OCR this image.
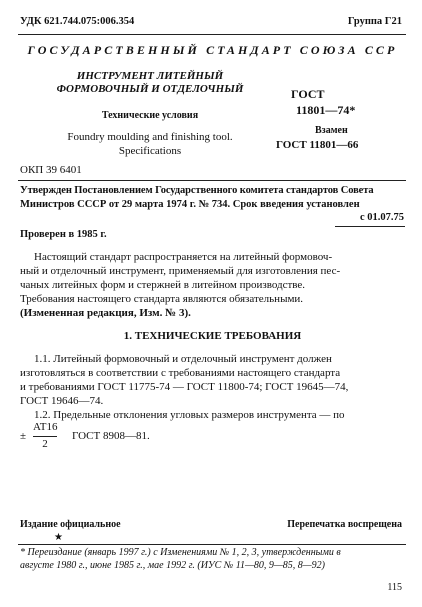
УДК 621.744.075:006.354	Группа Г21
ГОСУДАРСТВЕННЫЙ СТАНДАРТ СОЮЗА ССР
ИНСТРУМЕНТ ЛИТЕЙНЫЙ
ФОРМОВОЧНЫЙ И ОТДЕЛОЧНЫЙ
Технические условия
Foundry moulding and finishing tool.
Specifications
ОКП 39 6401
ГОСТ
11801—74*
Взамен
ГОСТ 11801—66
Утвержден Постановлением Государственного комитета стандартов Совета
Министров СССР от 29 марта 1974 г. № 734. Срок введения установлен
с 01.07.75
Проверен в 1985 г.
Настоящий стандарт распространяется на литейный формовоч-
ный и отделочный инструмент, применяемый для изготовления пес-
чаных литейных форм и стержней в литейном производстве.
Требования настоящего стандарта являются обязательными.
(Измененная редакция, Изм. № 3).
1. ТЕХНИЧЕСКИЕ ТРЕБОВАНИЯ
1.1. Литейный формовочный и отделочный инструмент должен
изготовляться в соответствии с требованиями настоящего стандарта
и требованиями ГОСТ 11775-74 — ГОСТ 11800-74; ГОСТ 19645—74,
ГОСТ 19646—74.
1.2. Предельные отклонения угловых размеров инструмента — по
±
AT16
2
ГОСТ 8908—81.
Издание официальное	Перепечатка воспрещена
★
* Переиздание (январь 1997 г.) с Изменениями № 1, 2, 3, утвержденными в
августе 1980 г., июне 1985 г., мае 1992 г. (ИУС № 11—80, 9—85, 8—92)
115
